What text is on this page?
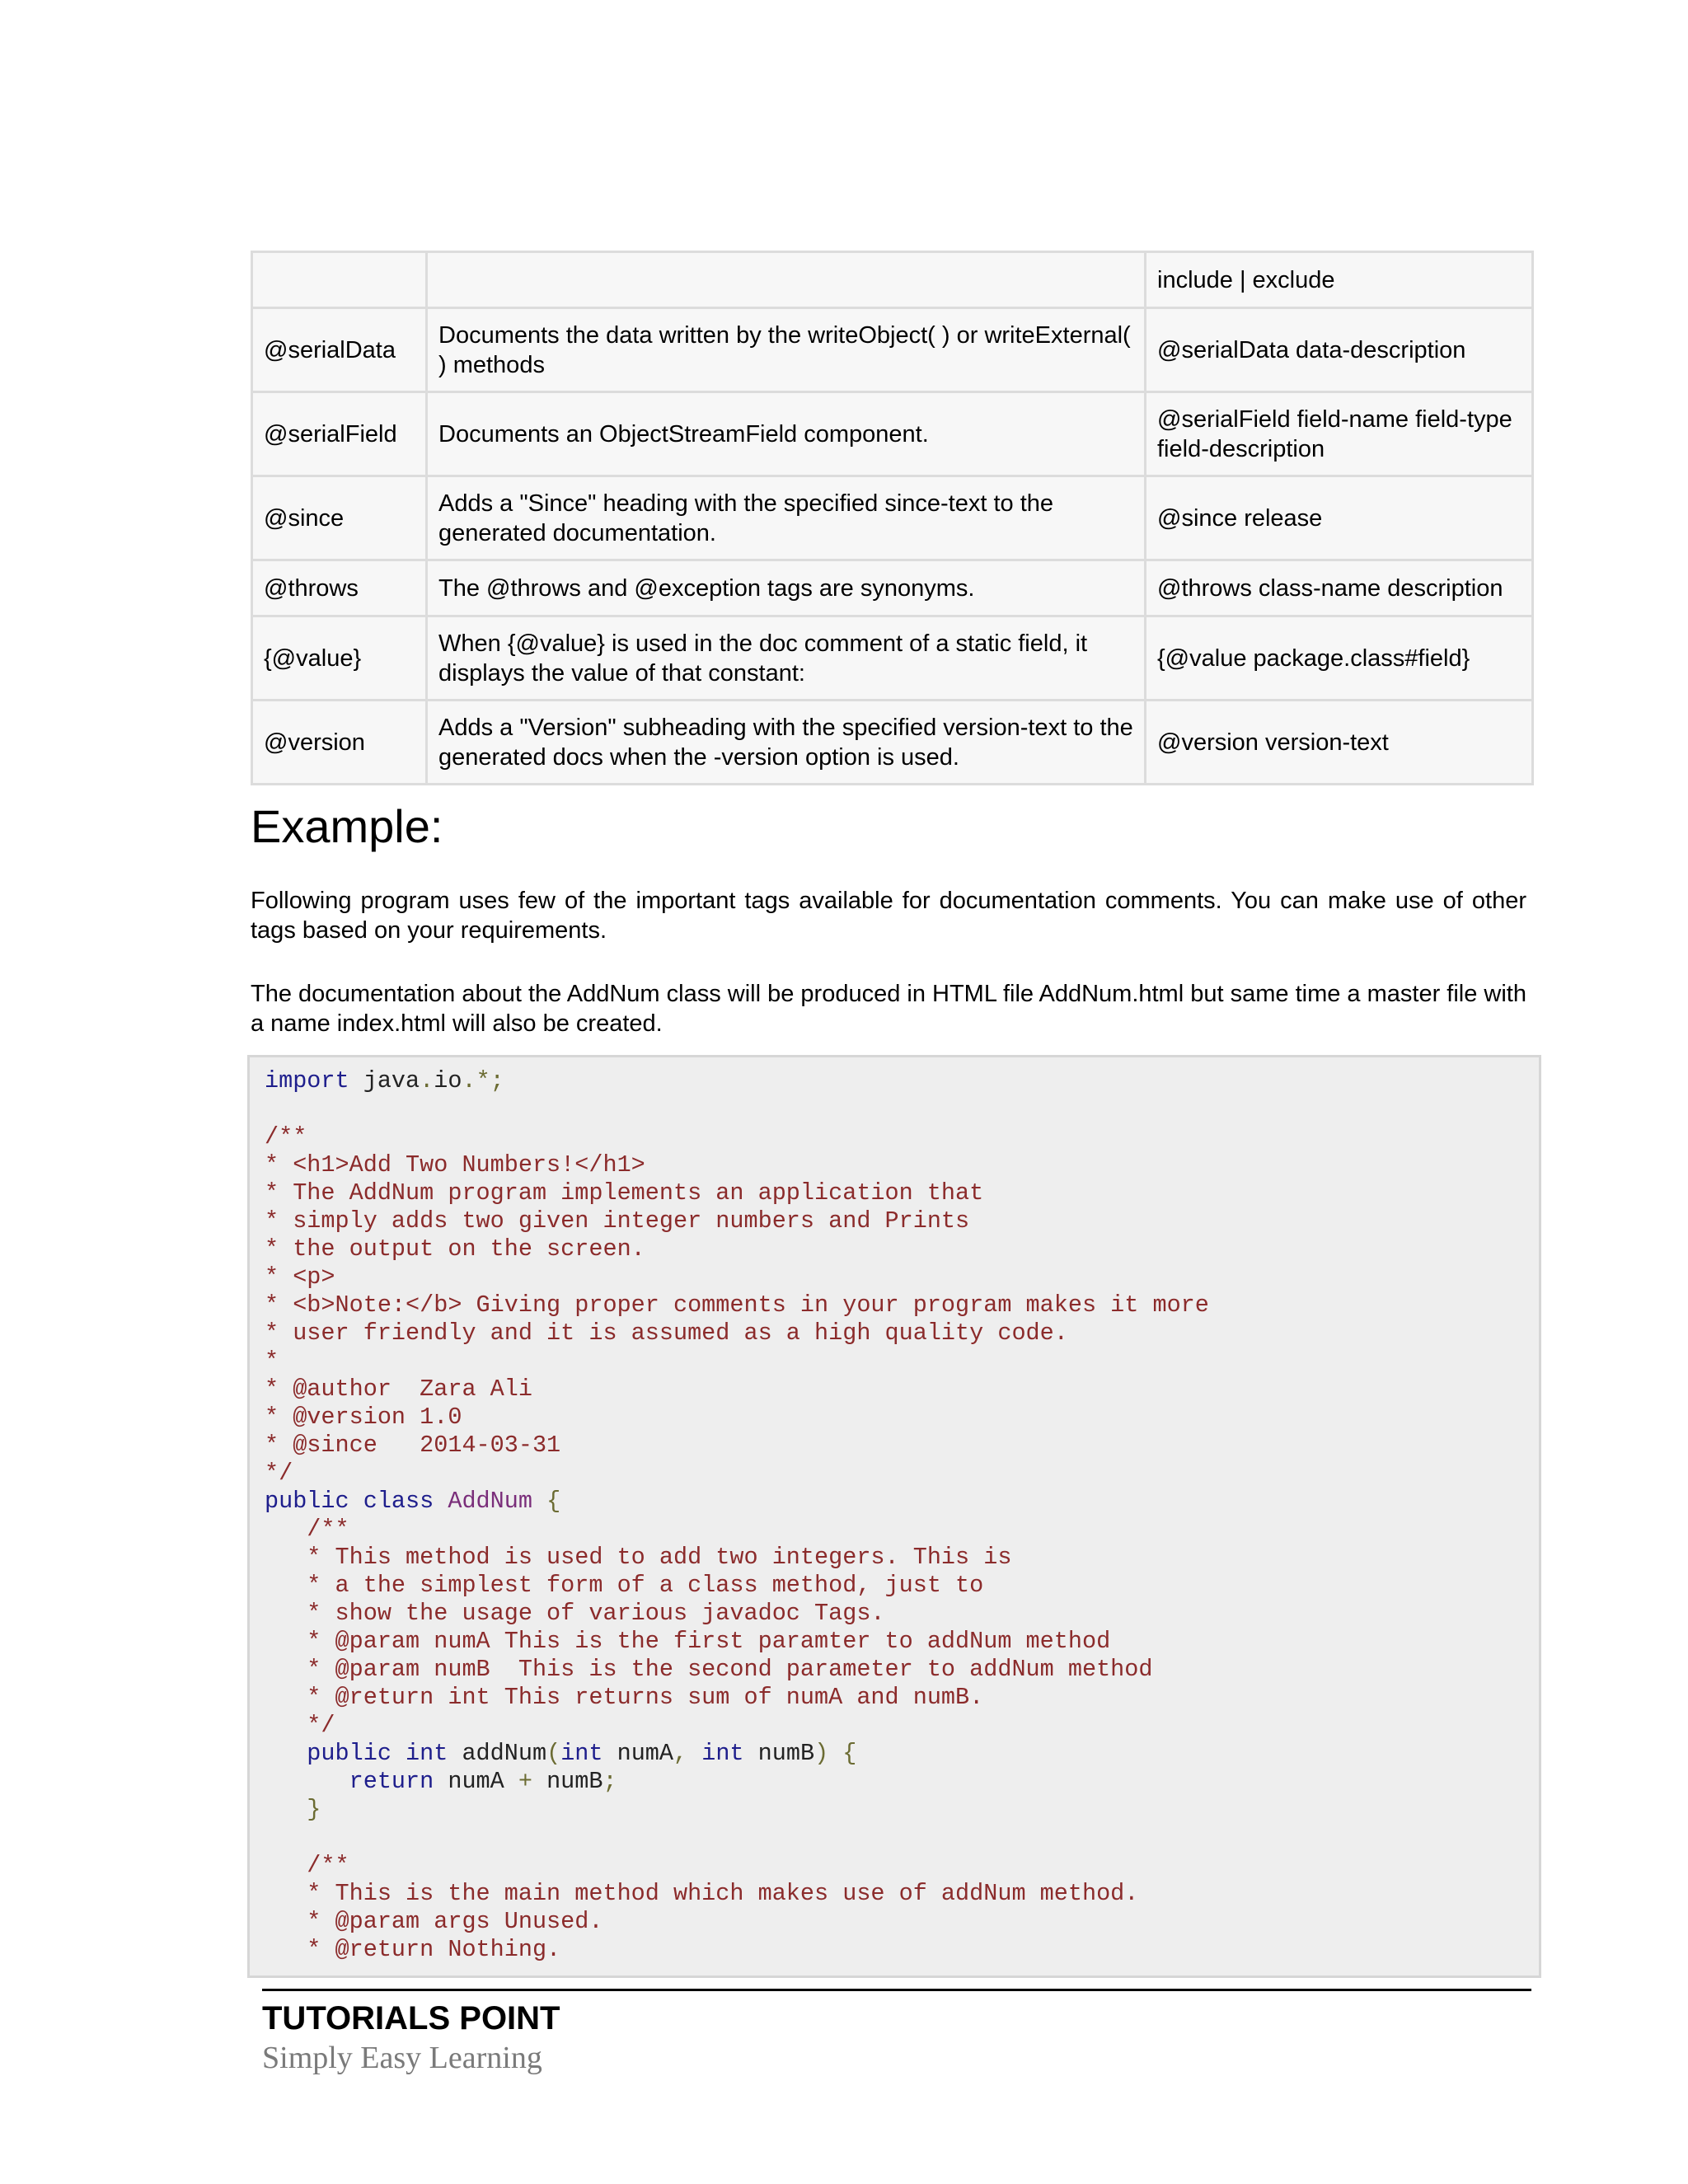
		include | exclude
@serialData	Documents the data written by the writeObject( ) or writeExternal( ) methods	@serialData data-description
@serialField	Documents an ObjectStreamField component.	@serialField field-name field-type field-description
@since	Adds a "Since" heading with the specified since-text to the generated documentation.	@since release
@throws	The @throws and @exception tags are synonyms.	@throws class-name description
{@value}	When {@value} is used in the doc comment of a static field, it displays the value of that constant:	{@value package.class#field}
@version	Adds a "Version" subheading with the specified version-text to the generated docs when the -version option is used.	@version version-text
Example:

Following program uses few of the important tags available for documentation comments. You can make use of other tags based on your requirements.

The documentation about the AddNum class will be produced in HTML file AddNum.html but same time a master file with a name index.html will also be created.

import java.io.*;
/**
* <h1>Add Two Numbers!</h1>
* The AddNum program implements an application that
* simply adds two given integer numbers and Prints
* the output on the screen.
* <p>
* <b>Note:</b> Giving proper comments in your program makes it more
* user friendly and it is assumed as a high quality code.
*
* @author  Zara Ali
* @version 1.0
* @since   2014-03-31
*/
public class AddNum {
/**
* This method is used to add two integers. This is
* a the simplest form of a class method, just to
* show the usage of various javadoc Tags.
* @param numA This is the first paramter to addNum method
* @param numB  This is the second parameter to addNum method
* @return int This returns sum of numA and numB.
*/
public int addNum(int numA, int numB) {
return numA + numB;
}
/**
* This is the main method which makes use of addNum method.
* @param args Unused.
* @return Nothing.
TUTORIALS POINT
Simply Easy Learning
